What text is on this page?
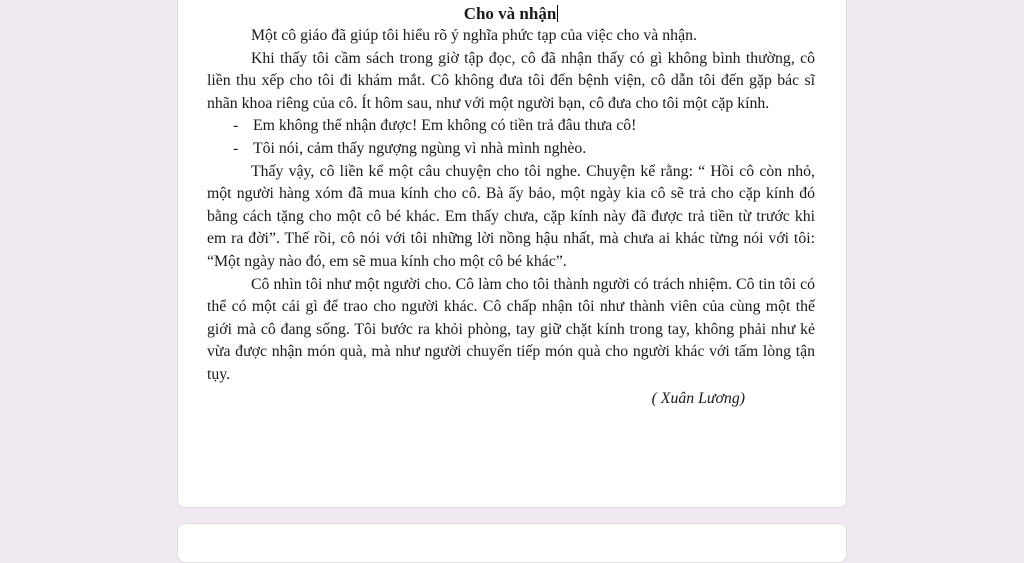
Cho và nhận

Một cô giáo đã giúp tôi hiểu rõ ý nghĩa phức tạp của việc cho và nhận.

Khi thấy tôi cầm sách trong giờ tập đọc, cô đã nhận thấy có gì không bình thường, cô liền thu xếp cho tôi đi khám mắt. Cô không đưa tôi đến bệnh viện, cô dẫn tôi đến gặp bác sĩ nhãn khoa riêng của cô. Ít hôm sau, như với một người bạn, cô đưa cho tôi một cặp kính.

- Em không thể nhận được! Em không có tiền trả đâu thưa cô!

- Tôi nói, cảm thấy ngượng ngùng vì nhà mình nghèo.

Thấy vậy, cô liền kể một câu chuyện cho tôi nghe. Chuyện kể rằng: “ Hồi cô còn nhỏ, một người hàng xóm đã mua kính cho cô. Bà ấy bảo, một ngày kia cô sẽ trả cho cặp kính đó bằng cách tặng cho một cô bé khác. Em thấy chưa, cặp kính này đã được trả tiền từ trước khi em ra đời”. Thế rồi, cô nói với tôi những lời nồng hậu nhất, mà chưa ai khác từng nói với tôi: “Một ngày nào đó, em sẽ mua kính cho một cô bé khác”.

Cô nhìn tôi như một người cho. Cô làm cho tôi thành người có trách nhiệm. Cô tin tôi có thể có một cái gì để trao cho người khác. Cô chấp nhận tôi như thành viên của cùng một thế giới mà cô đang sống. Tôi bước ra khỏi phòng, tay giữ chặt kính trong tay, không phải như kẻ vừa được nhận món quà, mà như người chuyển tiếp món quà cho người khác với tấm lòng tận tụy.

( Xuân Lương)
